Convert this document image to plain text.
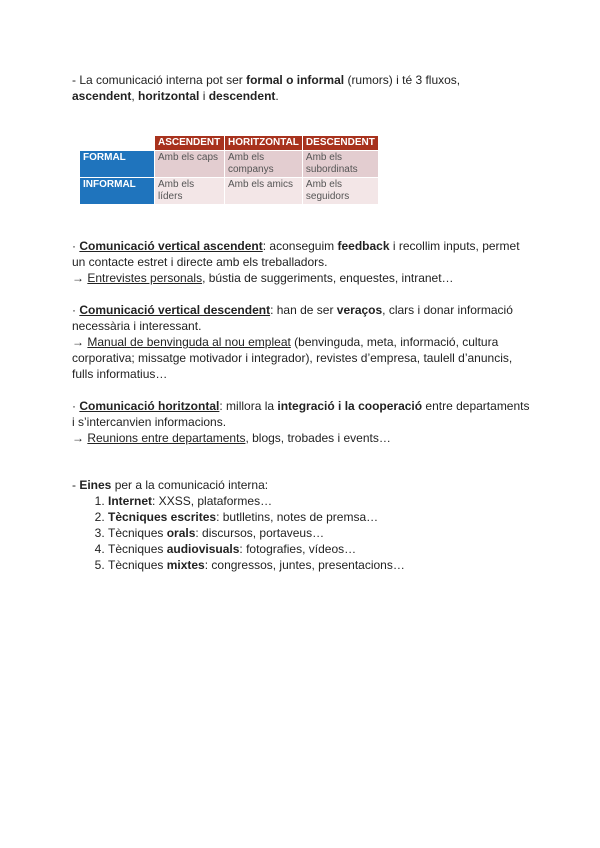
- La comunicació interna pot ser formal o informal (rumors) i té 3 fluxos,
ascendent, horitzontal i descendent.

	ASCENDENT	HORITZONTAL	DESCENDENT
FORMAL	Amb els caps	Amb els companys	Amb els subordinats
INFORMAL	Amb els líders	Amb els amics	Amb els seguidors

· Comunicació vertical ascendent: aconseguim feedback i recollim inputs, permet un contacte estret i directe amb els treballadors.

→ Entrevistes personals, bústia de suggeriments, enquestes, intranet…

· Comunicació vertical descendent: han de ser veraços, clars i donar informació necessària i interessant.

→ Manual de benvinguda al nou empleat (benvinguda, meta, informació, cultura corporativa; missatge motivador i integrador), revistes d’empresa, taulell d’anuncis, fulls informatius…

· Comunicació horitzontal: millora la integració i la cooperació entre departaments i s’intercanvien informacions.

→ Reunions entre departaments, blogs, trobades i events…

- Eines per a la comunicació interna:

1. Internet: XXSS, plataformes…
2. Tècniques escrites: butlletins, notes de premsa…
3. Tècniques orals: discursos, portaveus…
4. Tècniques audiovisuals: fotografies, vídeos…
5. Tècniques mixtes: congressos, juntes, presentacions…
